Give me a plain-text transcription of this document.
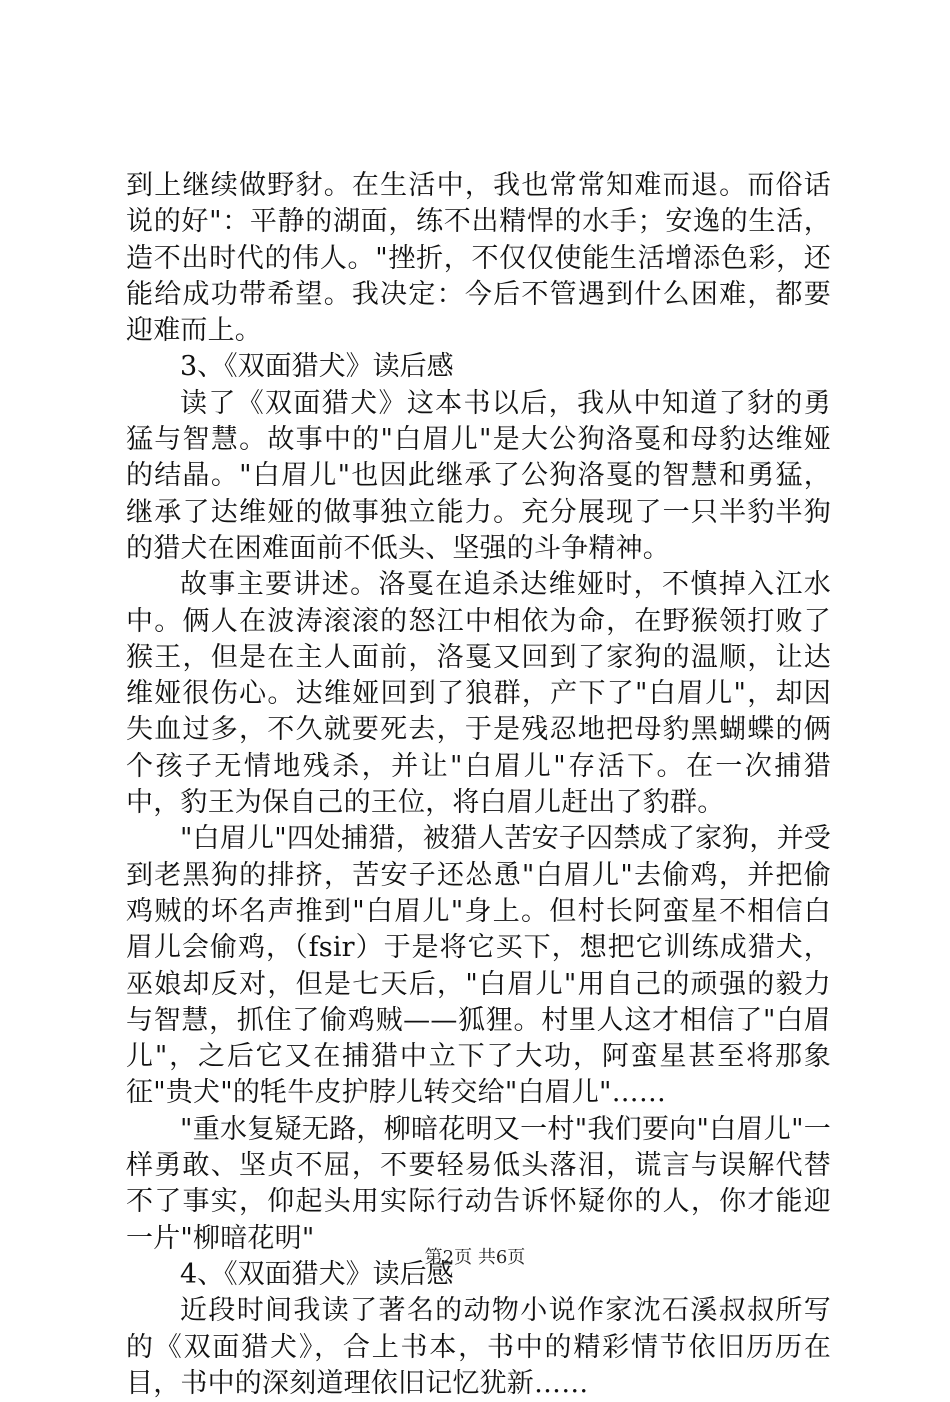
到上继续做野豺。在生活中，我也常常知难而退。而俗话说的好"：平静的湖面，练不出精悍的水手；安逸的生活，造不出时代的伟人。"挫折，不仅仅使能生活增添色彩，还能给成功带希望。我决定：今后不管遇到什么困难，都要迎难而上。

3、《双面猎犬》读后感

读了《双面猎犬》这本书以后，我从中知道了豺的勇猛与智慧。故事中的"白眉儿"是大公狗洛戛和母豹达维娅的结晶。"白眉儿"也因此继承了公狗洛戛的智慧和勇猛，继承了达维娅的做事独立能力。充分展现了一只半豹半狗的猎犬在困难面前不低头、坚强的斗争精神。

故事主要讲述。洛戛在追杀达维娅时，不慎掉入江水中。俩人在波涛滚滚的怒江中相依为命，在野猴领打败了猴王，但是在主人面前，洛戛又回到了家狗的温顺，让达维娅很伤心。达维娅回到了狼群，产下了"白眉儿"，却因失血过多，不久就要死去，于是残忍地把母豹黑蝴蝶的俩个孩子无情地残杀，并让"白眉儿"存活下。在一次捕猎中，豹王为保自己的王位，将白眉儿赶出了豹群。

"白眉儿"四处捕猎，被猎人苦安子囚禁成了家狗，并受到老黑狗的排挤，苦安子还怂恿"白眉儿"去偷鸡，并把偷鸡贼的坏名声推到"白眉儿"身上。但村长阿蛮星不相信白眉儿会偷鸡，（fsir）于是将它买下，想把它训练成猎犬，巫娘却反对，但是七天后，"白眉儿"用自己的顽强的毅力与智慧，抓住了偷鸡贼——狐狸。村里人这才相信了"白眉儿"，之后它又在捕猎中立下了大功，阿蛮星甚至将那象征"贵犬"的牦牛皮护脖儿转交给"白眉儿"……

"重水复疑无路，柳暗花明又一村"我们要向"白眉儿"一样勇敢、坚贞不屈，不要轻易低头落泪，谎言与误解代替不了事实，仰起头用实际行动告诉怀疑你的人，你才能迎一片"柳暗花明"

4、《双面猎犬》读后感

近段时间我读了著名的动物小说作家沈石溪叔叔所写的《双面猎犬》，合上书本，书中的精彩情节依旧历历在目，书中的深刻道理依旧记忆犹新……

第2页 共6页
